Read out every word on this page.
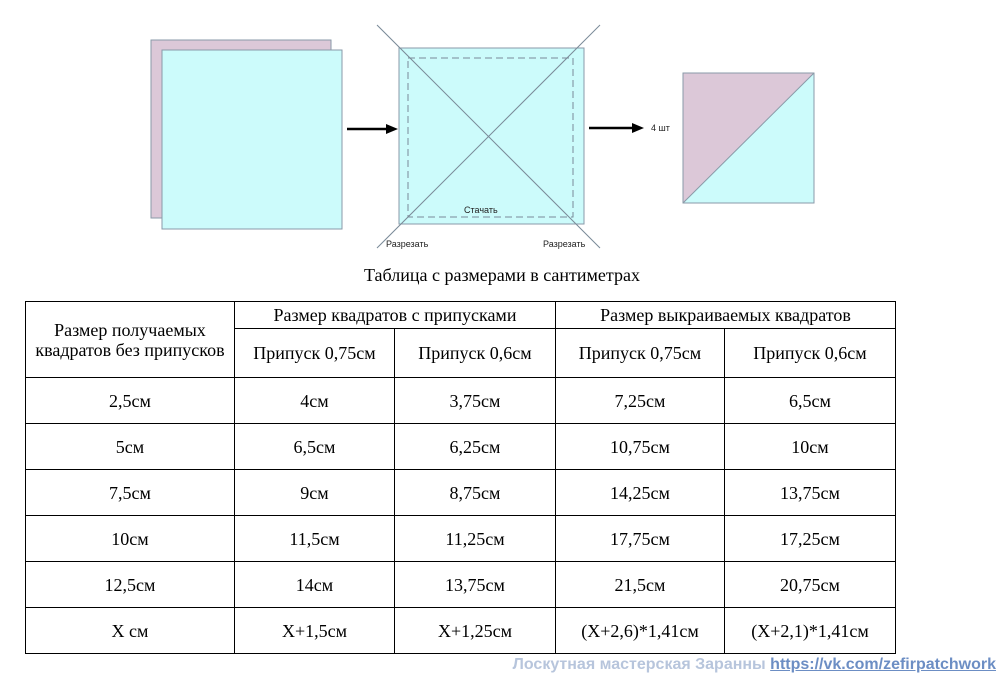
Стачать
Разрезать	Разрезать
4 шт
Таблица с размерами в сантиметрах
Размер получаемых квадратов без припусков	Размер квадратов с припусками		Размер выкраиваемых квадратов	
	Припуск 0,75см	Припуск 0,6см	Припуск 0,75см	Припуск 0,6см
2,5см	4см	3,75см	7,25см	6,5см
5см	6,5см	6,25см	10,75см	10см
7,5см	9см	8,75см	14,25см	13,75см
10см	11,5см	11,25см	17,75см	17,25см
12,5см	14см	13,75см	21,5см	20,75см
X см	X+1,5см	X+1,25см	(X+2,6)*1,41см	(X+2,1)*1,41см
Лоскутная мастерская Заранны https://vk.com/zefirpatchwork
